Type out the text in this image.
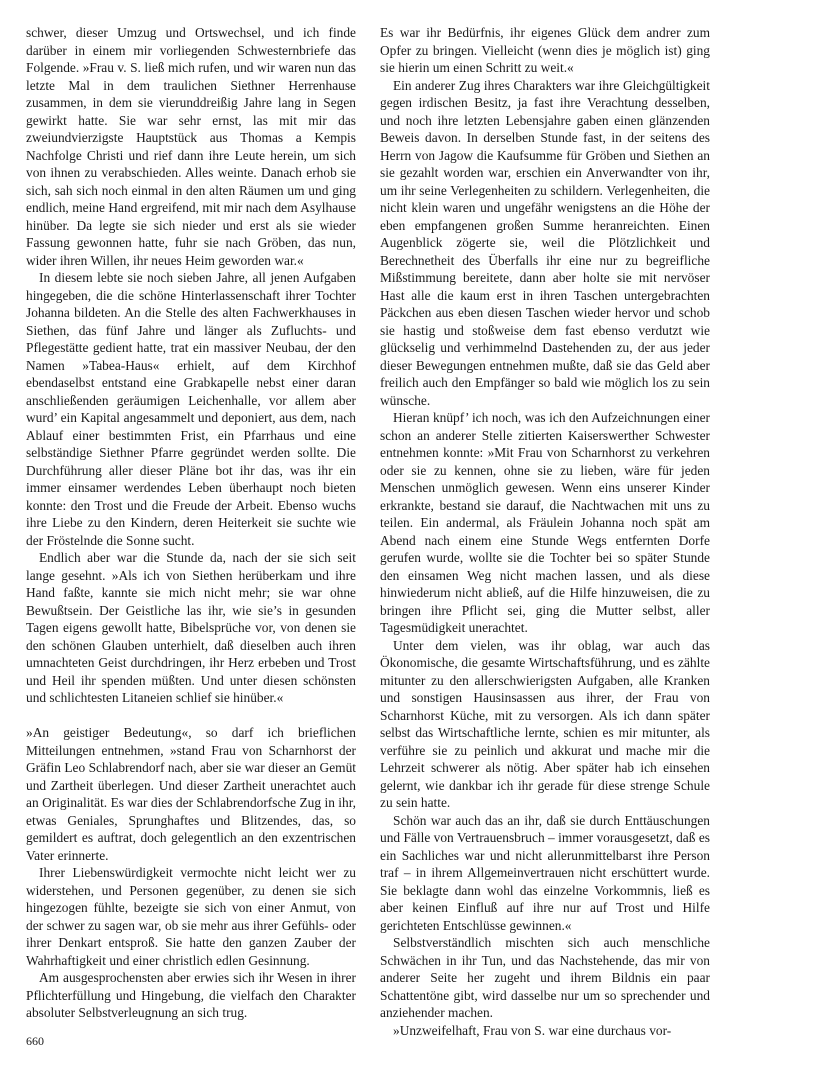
schwer, dieser Umzug und Ortswechsel, und ich finde darüber in einem mir vorliegenden Schwesternbriefe das Folgende. »Frau v. S. ließ mich rufen, und wir waren nun das letzte Mal in dem traulichen Siethner Herrenhause zusammen, in dem sie vierunddreißig Jahre lang in Segen gewirkt hatte. Sie war sehr ernst, las mit mir das zweiundvierzigste Hauptstück aus Thomas a Kempis Nachfolge Christi und rief dann ihre Leute herein, um sich von ihnen zu verabschieden. Alles weinte. Danach erhob sie sich, sah sich noch einmal in den alten Räumen um und ging endlich, meine Hand ergreifend, mit mir nach dem Asylhause hinüber. Da legte sie sich nieder und erst als sie wieder Fassung gewonnen hatte, fuhr sie nach Gröben, das nun, wider ihren Willen, ihr neues Heim geworden war.«

In diesem lebte sie noch sieben Jahre, all jenen Aufgaben hingegeben, die die schöne Hinterlassenschaft ihrer Tochter Johanna bildeten. An die Stelle des alten Fachwerkhauses in Siethen, das fünf Jahre und länger als Zufluchts- und Pflegestätte gedient hatte, trat ein massiver Neubau, der den Namen »Tabea-Haus« erhielt, auf dem Kirchhof ebendaselbst entstand eine Grabkapelle nebst einer daran anschließenden geräumigen Leichenhalle, vor allem aber wurd’ ein Kapital angesammelt und deponiert, aus dem, nach Ablauf einer bestimmten Frist, ein Pfarrhaus und eine selbständige Siethner Pfarre gegründet werden sollte. Die Durchführung aller dieser Pläne bot ihr das, was ihr ein immer einsamer werdendes Leben überhaupt noch bieten konnte: den Trost und die Freude der Arbeit. Ebenso wuchs ihre Liebe zu den Kindern, deren Heiterkeit sie suchte wie der Fröstelnde die Sonne sucht.

Endlich aber war die Stunde da, nach der sie sich seit lange gesehnt. »Als ich von Siethen herüberkam und ihre Hand faßte, kannte sie mich nicht mehr; sie war ohne Bewußtsein. Der Geistliche las ihr, wie sie’s in gesunden Tagen eigens gewollt hatte, Bibelsprüche vor, von denen sie den schönen Glauben unterhielt, daß dieselben auch ihren umnachteten Geist durchdringen, ihr Herz erbeben und Trost und Heil ihr spenden müßten. Und unter diesen schönsten und schlichtesten Litaneien schlief sie hinüber.«

»An geistiger Bedeutung«, so darf ich brieflichen Mitteilungen entnehmen, »stand Frau von Scharnhorst der Gräfin Leo Schlabrendorf nach, aber sie war dieser an Gemüt und Zartheit überlegen. Und dieser Zartheit unerachtet auch an Originalität. Es war dies der Schlabrendorfsche Zug in ihr, etwas Geniales, Sprunghaftes und Blitzendes, das, so gemildert es auftrat, doch gelegentlich an den exzentrischen Vater erinnerte.

Ihrer Liebenswürdigkeit vermochte nicht leicht wer zu widerstehen, und Personen gegenüber, zu denen sie sich hingezogen fühlte, bezeigte sie sich von einer Anmut, von der schwer zu sagen war, ob sie mehr aus ihrer Gefühls- oder ihrer Denkart entsproß. Sie hatte den ganzen Zauber der Wahrhaftigkeit und einer christlich edlen Gesinnung.

Am ausgesprochensten aber erwies sich ihr Wesen in ihrer Pflichterfüllung und Hingebung, die vielfach den Charakter absoluter Selbstverleugnung an sich trug.

Es war ihr Bedürfnis, ihr eigenes Glück dem andrer zum Opfer zu bringen. Vielleicht (wenn dies je möglich ist) ging sie hierin um einen Schritt zu weit.«

Ein anderer Zug ihres Charakters war ihre Gleichgültigkeit gegen irdischen Besitz, ja fast ihre Verachtung desselben, und noch ihre letzten Lebensjahre gaben einen glänzenden Beweis davon. In derselben Stunde fast, in der seitens des Herrn von Jagow die Kaufsumme für Gröben und Siethen an sie gezahlt worden war, erschien ein Anverwandter von ihr, um ihr seine Verlegenheiten zu schildern. Verlegenheiten, die nicht klein waren und ungefähr wenigstens an die Höhe der eben empfangenen großen Summe heranreichten. Einen Augenblick zögerte sie, weil die Plötzlichkeit und Berechnetheit des Überfalls ihr eine nur zu begreifliche Mißstimmung bereitete, dann aber holte sie mit nervöser Hast alle die kaum erst in ihren Taschen untergebrachten Päckchen aus eben diesen Taschen wieder hervor und schob sie hastig und stoßweise dem fast ebenso verdutzt wie glückselig und verhimmelnd Dastehenden zu, der aus jeder dieser Bewegungen entnehmen mußte, daß sie das Geld aber freilich auch den Empfänger so bald wie möglich los zu sein wünsche.

Hieran knüpf’ ich noch, was ich den Aufzeichnungen einer schon an anderer Stelle zitierten Kaiserswerther Schwester entnehmen konnte: »Mit Frau von Scharnhorst zu verkehren oder sie zu kennen, ohne sie zu lieben, wäre für jeden Menschen unmöglich gewesen. Wenn eins unserer Kinder erkrankte, bestand sie darauf, die Nachtwachen mit uns zu teilen. Ein andermal, als Fräulein Johanna noch spät am Abend nach einem eine Stunde Wegs entfernten Dorfe gerufen wurde, wollte sie die Tochter bei so später Stunde den einsamen Weg nicht machen lassen, und als diese hinwiederum nicht abließ, auf die Hilfe hinzuweisen, die zu bringen ihre Pflicht sei, ging die Mutter selbst, aller Tagesmüdigkeit unerachtet.

Unter dem vielen, was ihr oblag, war auch das Ökonomische, die gesamte Wirtschaftsführung, und es zählte mitunter zu den allerschwierigsten Aufgaben, alle Kranken und sonstigen Hausinsassen aus ihrer, der Frau von Scharnhorst Küche, mit zu versorgen. Als ich dann später selbst das Wirtschaftliche lernte, schien es mir mitunter, als verführe sie zu peinlich und akkurat und mache mir die Lehrzeit schwerer als nötig. Aber später hab ich einsehen gelernt, wie dankbar ich ihr gerade für diese strenge Schule zu sein hatte.

Schön war auch das an ihr, daß sie durch Enttäuschungen und Fälle von Vertrauensbruch – immer vorausgesetzt, daß es ein Sachliches war und nicht allerunmittelbarst ihre Person traf – in ihrem Allgemeinvertrauen nicht erschüttert wurde. Sie beklagte dann wohl das einzelne Vorkommnis, ließ es aber keinen Einfluß auf ihre nur auf Trost und Hilfe gerichteten Entschlüsse gewinnen.«

Selbstverständlich mischten sich auch menschliche Schwächen in ihr Tun, und das Nachstehende, das mir von anderer Seite her zugeht und ihrem Bildnis ein paar Schattentöne gibt, wird dasselbe nur um so sprechender und anziehender machen.

»Unzweifelhaft, Frau von S. war eine durchaus vor-

660
